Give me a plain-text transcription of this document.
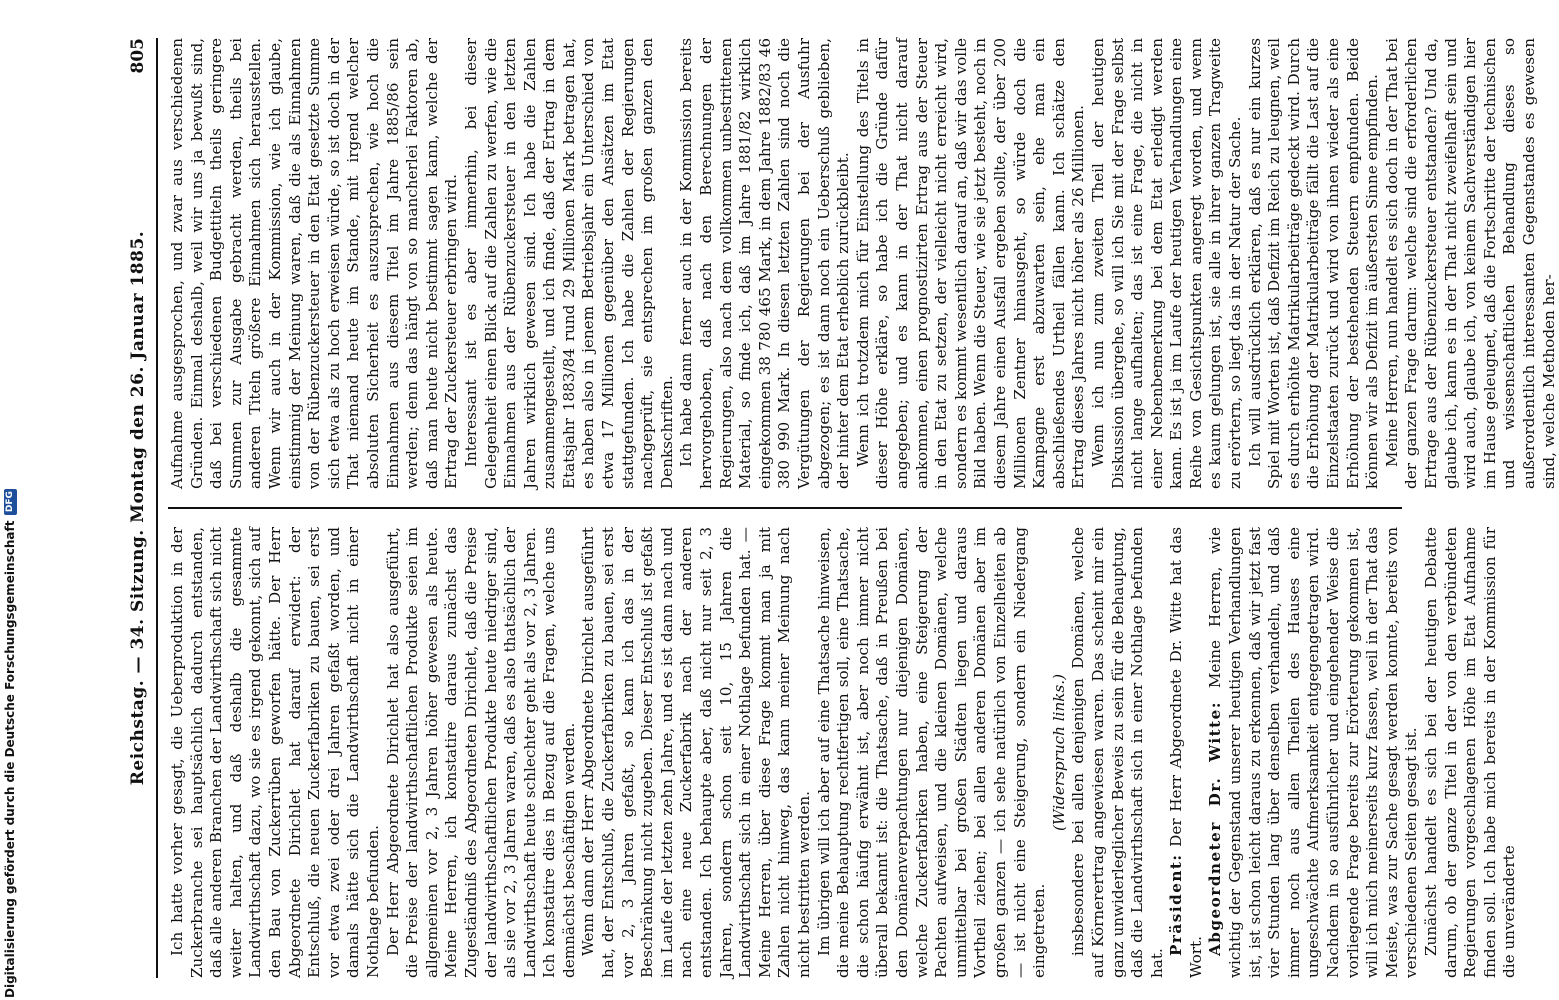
Reichstag. — 34. Sitzung. Montag den 26. Januar 1885.
805

Ich hatte vorher gesagt, die Ueberproduktion in der Zuckerbranche sei hauptsächlich dadurch entstanden, daß alle anderen Branchen der Landwirthschaft sich nicht weiter halten, und daß deshalb die gesammte Landwirthschaft dazu, wo sie es irgend gekonnt, sich auf den Bau von Zuckerrüben geworfen hätte. Der Herr Abgeordnete Dirichlet hat darauf erwidert: der Entschluß, die neuen Zuckerfabriken zu bauen, sei erst vor etwa zwei oder drei Jahren gefaßt worden, und damals hätte sich die Landwirthschaft nicht in einer Nothlage befunden. Der Herr Abgeordnete Dirichlet hat also ausgeführt, die Preise der landwirthschaftlichen Produkte seien im allgemeinen vor 2, 3 Jahren höher gewesen als heute. Meine Herren, ich konstatire daraus zunächst das Zugeständniß des Abgeordneten Dirichlet, daß die Preise der landwirthschaftlichen Produkte heute niedriger sind, als sie vor 2, 3 Jahren waren, daß es also thatsächlich der Landwirthschaft heute schlechter geht als vor 2, 3 Jahren. Ich konstatire dies in Bezug auf die Fragen, welche uns demnächst beschäftigen werden. Wenn dann der Herr Abgeordnete Dirichlet ausgeführt hat, der Entschluß, die Zuckerfabriken zu bauen, sei erst vor 2, 3 Jahren gefaßt, so kann ich das in der Beschränkung nicht zugeben. Dieser Entschluß ist gefaßt im Laufe der letzten zehn Jahre, und es ist dann nach und nach eine neue Zuckerfabrik nach der anderen entstanden. Ich behaupte aber, daß nicht nur seit 2, 3 Jahren, sondern schon seit 10, 15 Jahren die Landwirthschaft sich in einer Nothlage befunden hat. — Meine Herren, über diese Frage kommt man ja mit Zahlen nicht hinweg, das kann meiner Meinung nach nicht bestritten werden. Im übrigen will ich aber auf eine Thatsache hinweisen, die meine Behauptung rechtfertigen soll, eine Thatsache, die schon häufig erwähnt ist, aber noch immer nicht überall bekannt ist: die Thatsache, daß in Preußen bei den Domänenverpachtungen nur diejenigen Domänen, welche Zuckerfabriken haben, eine Steigerung der Pachten aufweisen, und die kleinen Domänen, welche unmittelbar bei großen Städten liegen und daraus Vortheil ziehen; bei allen anderen Domänen aber im großen ganzen — ich sehe natürlich von Einzelheiten ab — ist nicht eine Steigerung, sondern ein Niedergang eingetreten.

(Widerspruch links.) insbesondere bei allen denjenigen Domänen, welche auf Körnerertrag angewiesen waren. Das scheint mir ein ganz unwiderleglicher Beweis zu sein für die Behauptung, daß die Landwirthschaft sich in einer Nothlage befunden hat.

Präsident: Der Herr Abgeordnete Dr. Witte hat das Wort.

Abgeordneter Dr. Witte: Meine Herren, wie wichtig der Gegenstand unserer heutigen Verhandlungen ist, ist schon leicht daraus zu erkennen, daß wir jetzt fast vier Stunden lang über denselben verhandeln, und daß immer noch aus allen Theilen des Hauses eine ungeschwächte Aufmerksamkeit entgegengetragen wird. Nachdem in so ausführlicher und eingehender Weise die vorliegende Frage bereits zur Erörterung gekommen ist, will ich mich meinerseits kurz fassen, weil in der That das Meiste, was zur Sache gesagt werden konnte, bereits von verschiedenen Seiten gesagt ist. Zunächst handelt es sich bei der heutigen Debatte darum, ob der ganze Titel in der von den verbündeten Regierungen vorgeschlagenen Höhe im Etat Aufnahme finden soll. Ich habe mich bereits in der Kommission für die unveränderte

Aufnahme ausgesprochen, und zwar aus verschiedenen Gründen. Einmal deshalb, weil wir uns ja bewußt sind, daß bei verschiedenen Budgettiteln theils geringere Summen zur Ausgabe gebracht werden, theils bei anderen Titeln größere Einnahmen sich herausstellen. Wenn wir auch in der Kommission, wie ich glaube, einstimmig der Meinung waren, daß die als Einnahmen von der Rübenzuckersteuer in den Etat gesetzte Summe sich etwa als zu hoch erweisen würde, so ist doch in der That niemand heute im Stande, mit irgend welcher absoluten Sicherheit es auszusprechen, wie hoch die Einnahmen aus diesem Titel im Jahre 1885/86 sein werden; denn das hängt von so mancherlei Faktoren ab, daß man heute nicht bestimmt sagen kann, welche der Ertrag der Zuckersteuer erbringen wird. Interessant ist es aber immerhin, bei dieser Gelegenheit einen Blick auf die Zahlen zu werfen, wie die Einnahmen aus der Rübenzuckersteuer in den letzten Jahren wirklich gewesen sind. Ich habe die Zahlen zusammengestellt, und ich finde, daß der Ertrag in dem Etatsjahr 1883/84 rund 29 Millionen Mark betragen hat, es haben also in jenem Betriebsjahr ein Unterschied von etwa 17 Millionen gegenüber den Ansätzen im Etat stattgefunden. Ich habe die Zahlen der Regierungen nachgeprüft, sie entsprechen im großen ganzen den Denkschriften. Ich habe dann ferner auch in der Kommission bereits hervorgehoben, daß nach den Berechnungen der Regierungen, also nach dem vollkommen unbestrittenen Material, so finde ich, daß im Jahre 1881/82 wirklich eingekommen 38 780 465 Mark, in dem Jahre 1882/83 46 380 990 Mark. In diesen letzten Zahlen sind noch die Vergütungen der Regierungen bei der Ausfuhr abgezogen; es ist dann noch ein Ueberschuß geblieben, der hinter dem Etat erheblich zurückbleibt. Wenn ich trotzdem mich für Einstellung des Titels in dieser Höhe erkläre, so habe ich die Gründe dafür angegeben; und es kann in der That nicht darauf ankommen, einen prognostizirten Ertrag aus der Steuer in den Etat zu setzen, der vielleicht nicht erreicht wird, sondern es kommt wesentlich darauf an, daß wir das volle Bild haben. Wenn die Steuer, wie sie jetzt besteht, noch in diesem Jahre einen Ausfall ergeben sollte, der über 200 Millionen Zentner hinausgeht, so würde doch die Kampagne erst abzuwarten sein, ehe man ein abschließendes Urtheil fällen kann. Ich schätze den Ertrag dieses Jahres nicht höher als 26 Millionen. Wenn ich nun zum zweiten Theil der heutigen Diskussion übergehe, so will ich Sie mit der Frage selbst nicht lange aufhalten; das ist eine Frage, die nicht in einer Nebenbemerkung bei dem Etat erledigt werden kann. Es ist ja im Laufe der heutigen Verhandlungen eine Reihe von Gesichtspunkten angeregt worden, und wenn es kaum gelungen ist, sie alle in ihrer ganzen Tragweite zu erörtern, so liegt das in der Natur der Sache. Ich will ausdrücklich erklären, daß es nur ein kurzes Spiel mit Worten ist, daß Defizit im Reich zu leugnen, weil es durch erhöhte Matrikularbeiträge gedeckt wird. Durch die Erhöhung der Matrikularbeiträge fällt die Last auf die Einzelstaaten zurück und wird von ihnen wieder als eine Erhöhung der bestehenden Steuern empfunden. Beide können wir als Defizit im äußersten Sinne empfinden. Meine Herren, nun handelt es sich doch in der That bei der ganzen Frage darum: welche sind die erforderlichen Ertrage aus der Rübenzuckersteuer entstanden? Und da, glaube ich, kann es in der That nicht zweifelhaft sein und wird auch, glaube ich, von keinem Sachverständigen hier im Hause geleugnet, daß die Fortschritte der technischen und wissenschaftlichen Behandlung dieses so außerordentlich interessanten Gegenstandes es gewesen sind, welche Methoden her-

Digitalisierung gefördert durch die Deutsche Forschungsgemeinschaft
DFG
